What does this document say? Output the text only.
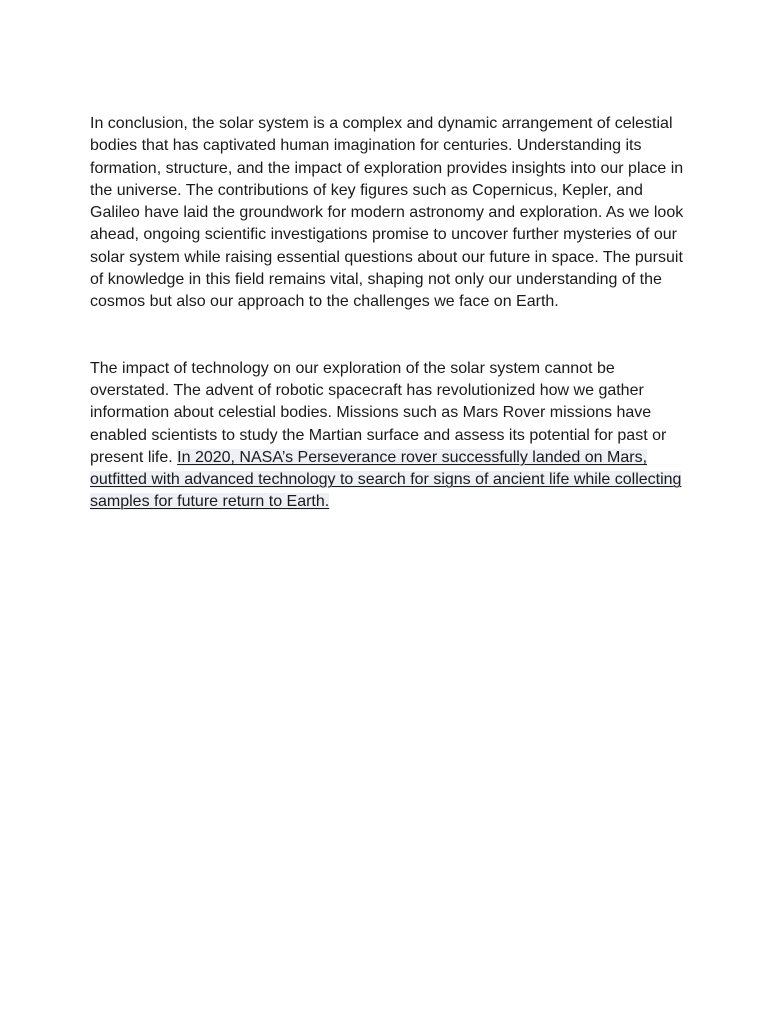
In conclusion, the solar system is a complex and dynamic arrangement of celestial bodies that has captivated human imagination for centuries. Understanding its formation, structure, and the impact of exploration provides insights into our place in the universe. The contributions of key figures such as Copernicus, Kepler, and Galileo have laid the groundwork for modern astronomy and exploration. As we look ahead, ongoing scientific investigations promise to uncover further mysteries of our solar system while raising essential questions about our future in space. The pursuit of knowledge in this field remains vital, shaping not only our understanding of the cosmos but also our approach to the challenges we face on Earth.

The impact of technology on our exploration of the solar system cannot be overstated. The advent of robotic spacecraft has revolutionized how we gather information about celestial bodies. Missions such as Mars Rover missions have enabled scientists to study the Martian surface and assess its potential for past or present life. In 2020, NASA’s Perseverance rover successfully landed on Mars, outfitted with advanced technology to search for signs of ancient life while collecting samples for future return to Earth.
